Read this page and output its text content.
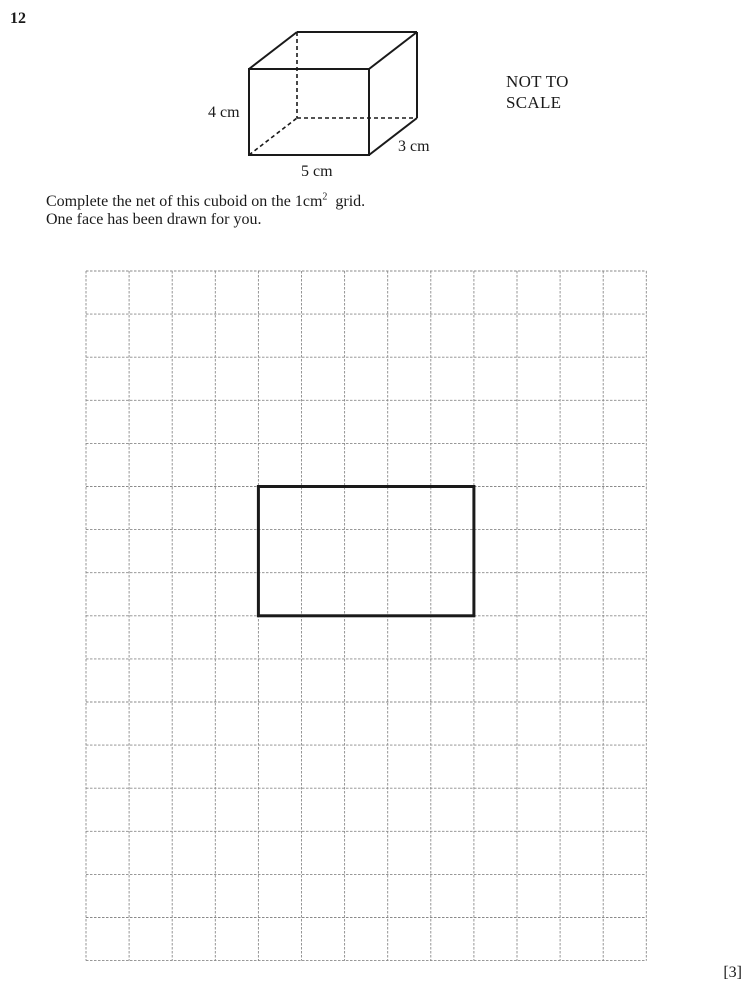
12
4 cm
5 cm
3 cm
NOT TO
SCALE
Complete the net of this cuboid on the $1cm^2$  grid.
One face has been drawn for you.
[3]
